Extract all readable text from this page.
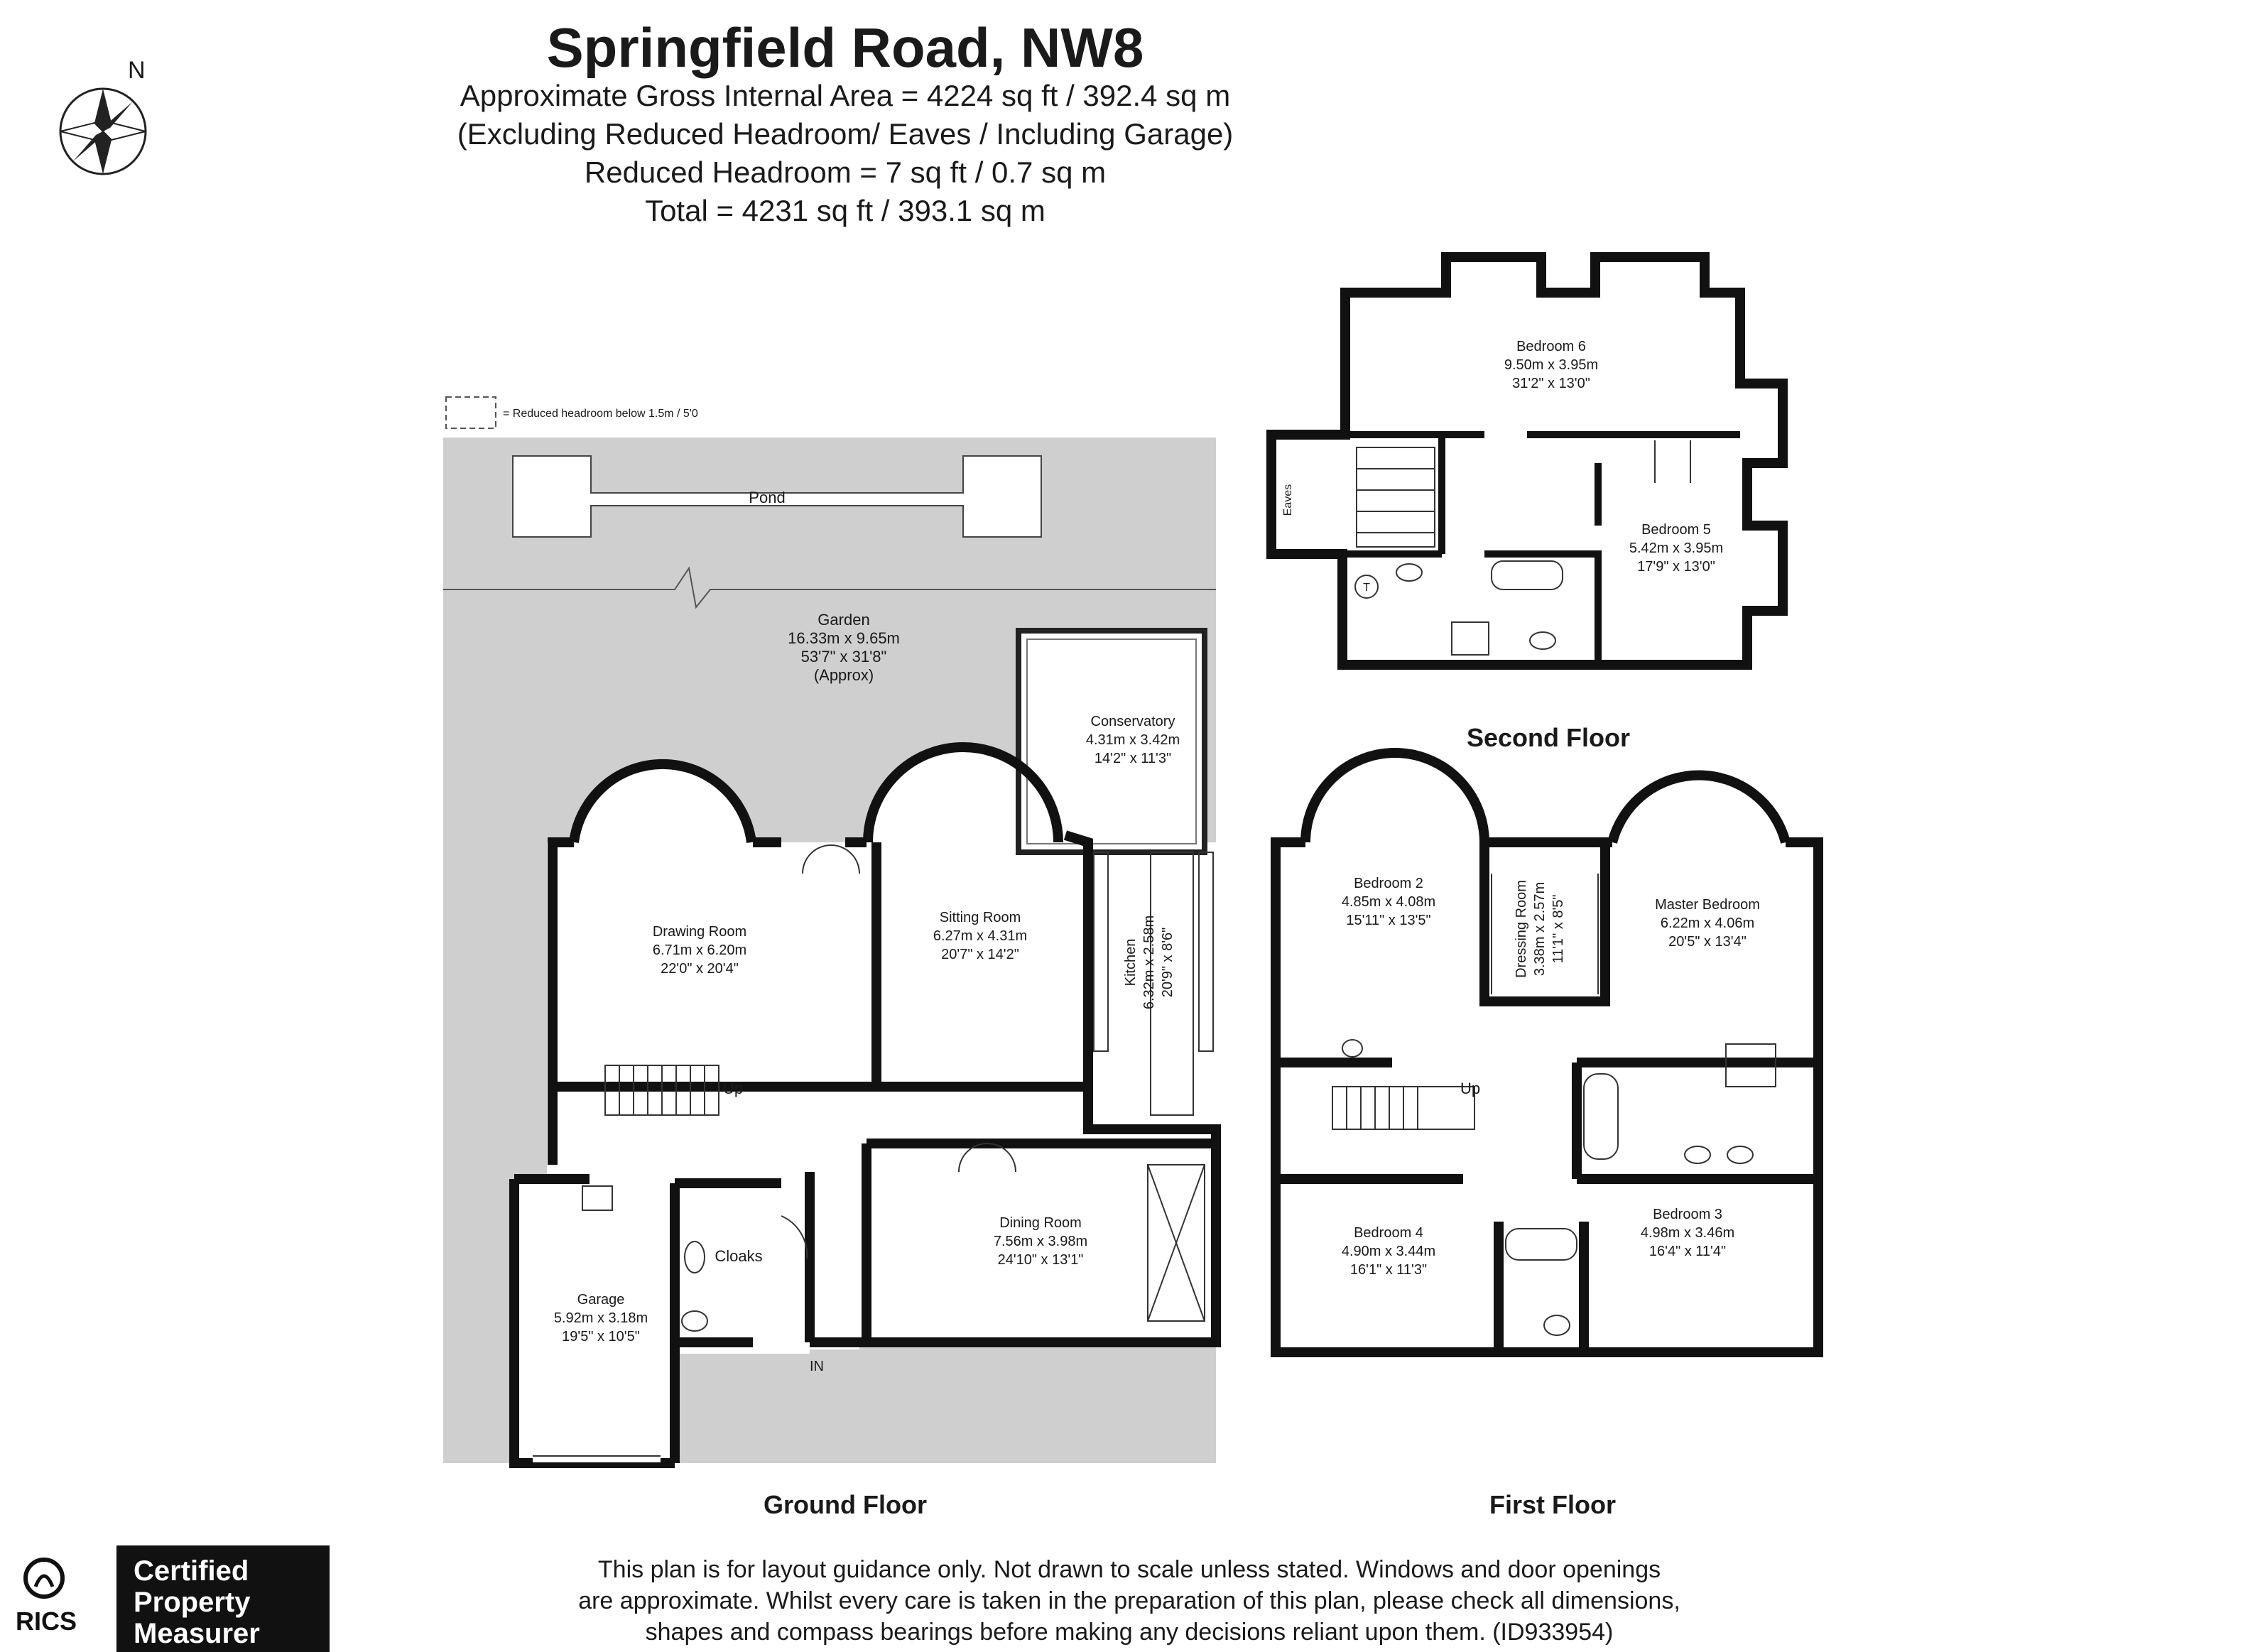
Springfield Road, NW8
Approximate Gross Internal Area = 4224 sq ft / 392.4 sq m
(Excluding Reduced Headroom/ Eaves / Including Garage)
Reduced Headroom = 7 sq ft / 0.7 sq m
Total = 4231 sq ft / 393.1 sq m
N
= Reduced headroom below 1.5m / 5'0
Pond
Garden
16.33m x 9.65m
53'7" x 31'8"
(Approx)
Conservatory
4.31m x 3.42m
14'2" x 11'3"
Drawing Room
6.71m x 6.20m
22'0" x 20'4"
Sitting Room
6.27m x 4.31m
20'7" x 14'2"	Kitchen 6.32m x 2.58m 20'9" x 8'6"
Dining Room
7.56m x 3.98m
24'10" x 13'1"
Garage
5.92m x 3.18m
19'5" x 10'5"
Cloaks
Up
IN
Bedroom 2
4.85m x 4.08m
15'11" x 13'5"	Dressing Room 3.38m x 2.57m 11'1" x 8'5"	Master Bedroom
6.22m x 4.06m
20'5" x 13'4"
Bedroom 4
4.90m x 3.44m
16'1" x 11'3"
Bedroom 3
4.98m x 3.46m
16'4" x 11'4"
Up
Bedroom 6
9.50m x 3.95m
31'2" x 13'0"
Bedroom 5
5.42m x 3.95m
17'9" x 13'0"
Eaves
T
Ground Floor	First Floor
Second Floor
This plan is for layout guidance only. Not drawn to scale unless stated. Windows and door openings
are approximate. Whilst every care is taken in the preparation of this plan, please check all dimensions,
shapes and compass bearings before making any decisions reliant upon them. (ID933954)
RICS
Certified
Property
Measurer
